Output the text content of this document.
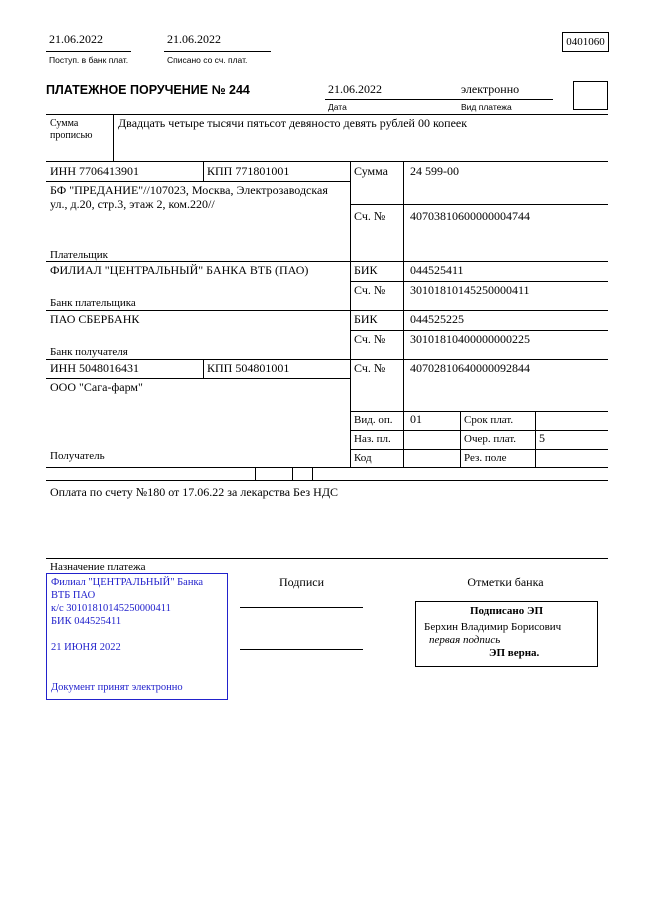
21.06.2022
Поступ. в банк плат.
21.06.2022
Списано со сч. плат.
0401060
ПЛАТЕЖНОЕ ПОРУЧЕНИЕ № 244	21.06.2022	электронно
Дата	Вид платежа
Сумма
прописью
Двадцать четыре тысячи пятьсот девяносто девять рублей 00 копеек
ИНН 7706413901	КПП 771801001	Сумма 24 599-00
БФ "ПРЕДАНИЕ"//107023, Москва, Электрозаводская ул., д.20, стр.3, этаж 2, ком.220//
Сч. № 40703810600000004744
Плательщик
ФИЛИАЛ "ЦЕНТРАЛЬНЫЙ" БАНКА ВТБ (ПАО)	БИК	044525411
Сч. № 30101810145250000411
Банк плательщика
ПАО СБЕРБАНК	БИК	044525225
Сч. № 30101810400000000225
Банк получателя
ИНН 5048016431	КПП 504801001	Сч. № 40702810640000092844
ООО "Сага-фарм"
Получатель
Вид. оп. 01	Срок плат.
Наз. пл.	Очер. плат. 5
Код	Рез. поле
Оплата по счету №180 от 17.06.22 за лекарства Без НДС
Назначение платежа
Подписи	Отметки банка
Филиал "ЦЕНТРАЛЬНЫЙ" Банка
ВТБ ПАО
к/с 30101810145250000411
БИК 044525411
21 ИЮНЯ 2022
Документ принят электронно
Подписано ЭП
Берхин Владимир Борисович
первая подпись
ЭП верна.
